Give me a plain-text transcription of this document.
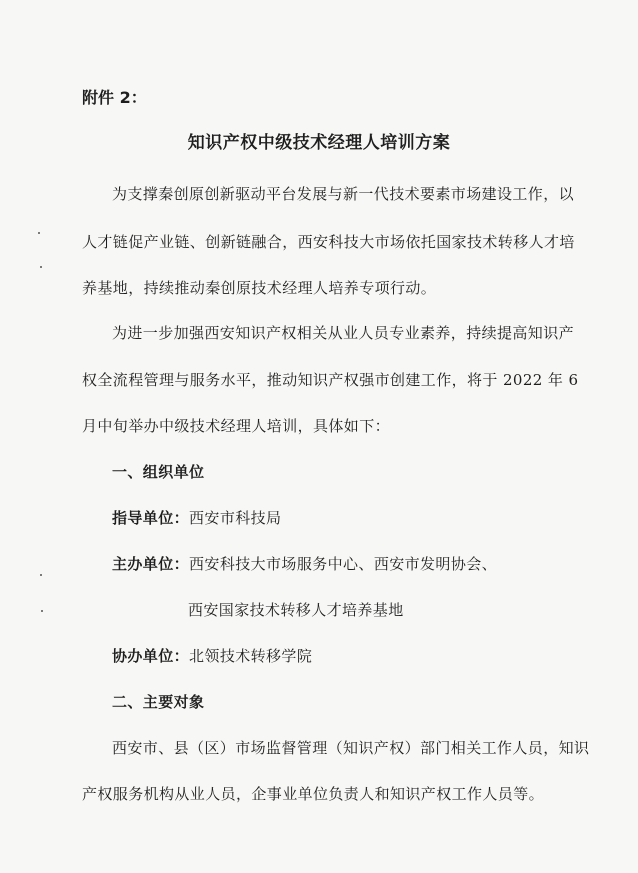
附件 2：
知识产权中级技术经理人培训方案
为支撑秦创原创新驱动平台发展与新一代技术要素市场建设工作，以
人才链促产业链、创新链融合，西安科技大市场依托国家技术转移人才培
养基地，持续推动秦创原技术经理人培养专项行动。
为进一步加强西安知识产权相关从业人员专业素养，持续提高知识产
权全流程管理与服务水平，推动知识产权强市创建工作，将于 2022 年 6
月中旬举办中级技术经理人培训，具体如下：
一、组织单位
指导单位：西安市科技局
主办单位：西安科技大市场服务中心、西安市发明协会、
西安国家技术转移人才培养基地
协办单位：北领技术转移学院
二、主要对象
西安市、县（区）市场监督管理（知识产权）部门相关工作人员，知识
产权服务机构从业人员，企事业单位负责人和知识产权工作人员等。
